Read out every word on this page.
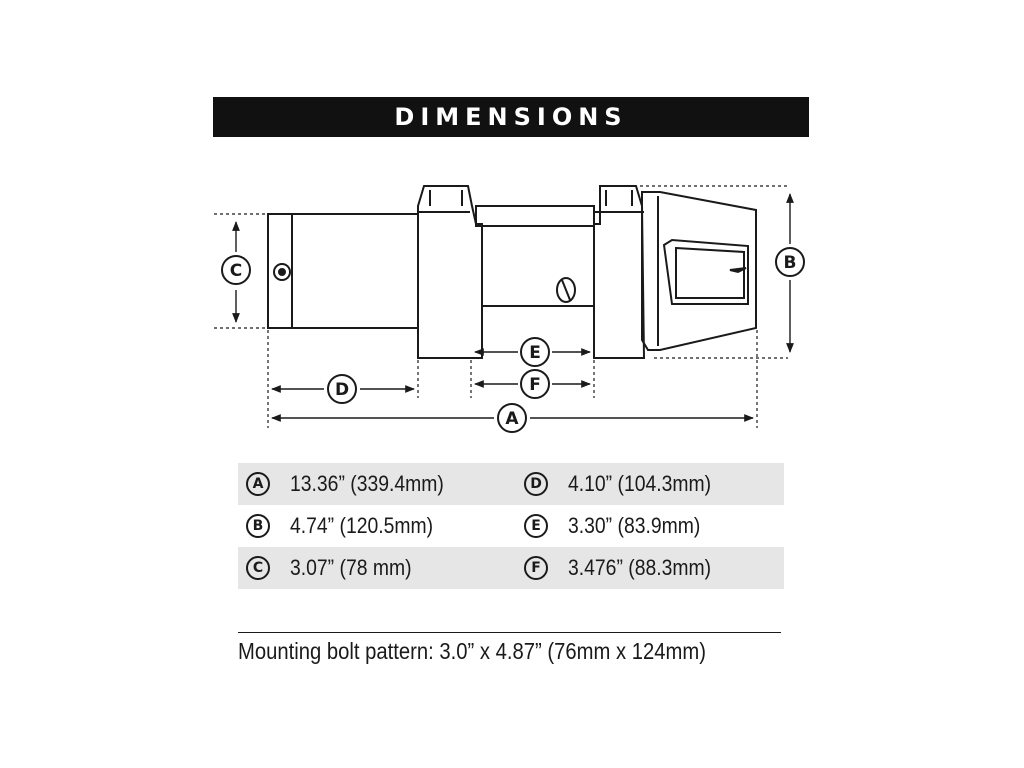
DIMENSIONS
C	B
D
E
F
A
A 13.36” (339.4mm)	D 4.10” (104.3mm)
B	4.74” (120.5mm)	E	3.30” (83.9mm)
C	3.07” (78 mm)	F	3.476” (88.3mm)
Mounting bolt pattern: 3.0” x 4.87” (76mm x 124mm)
